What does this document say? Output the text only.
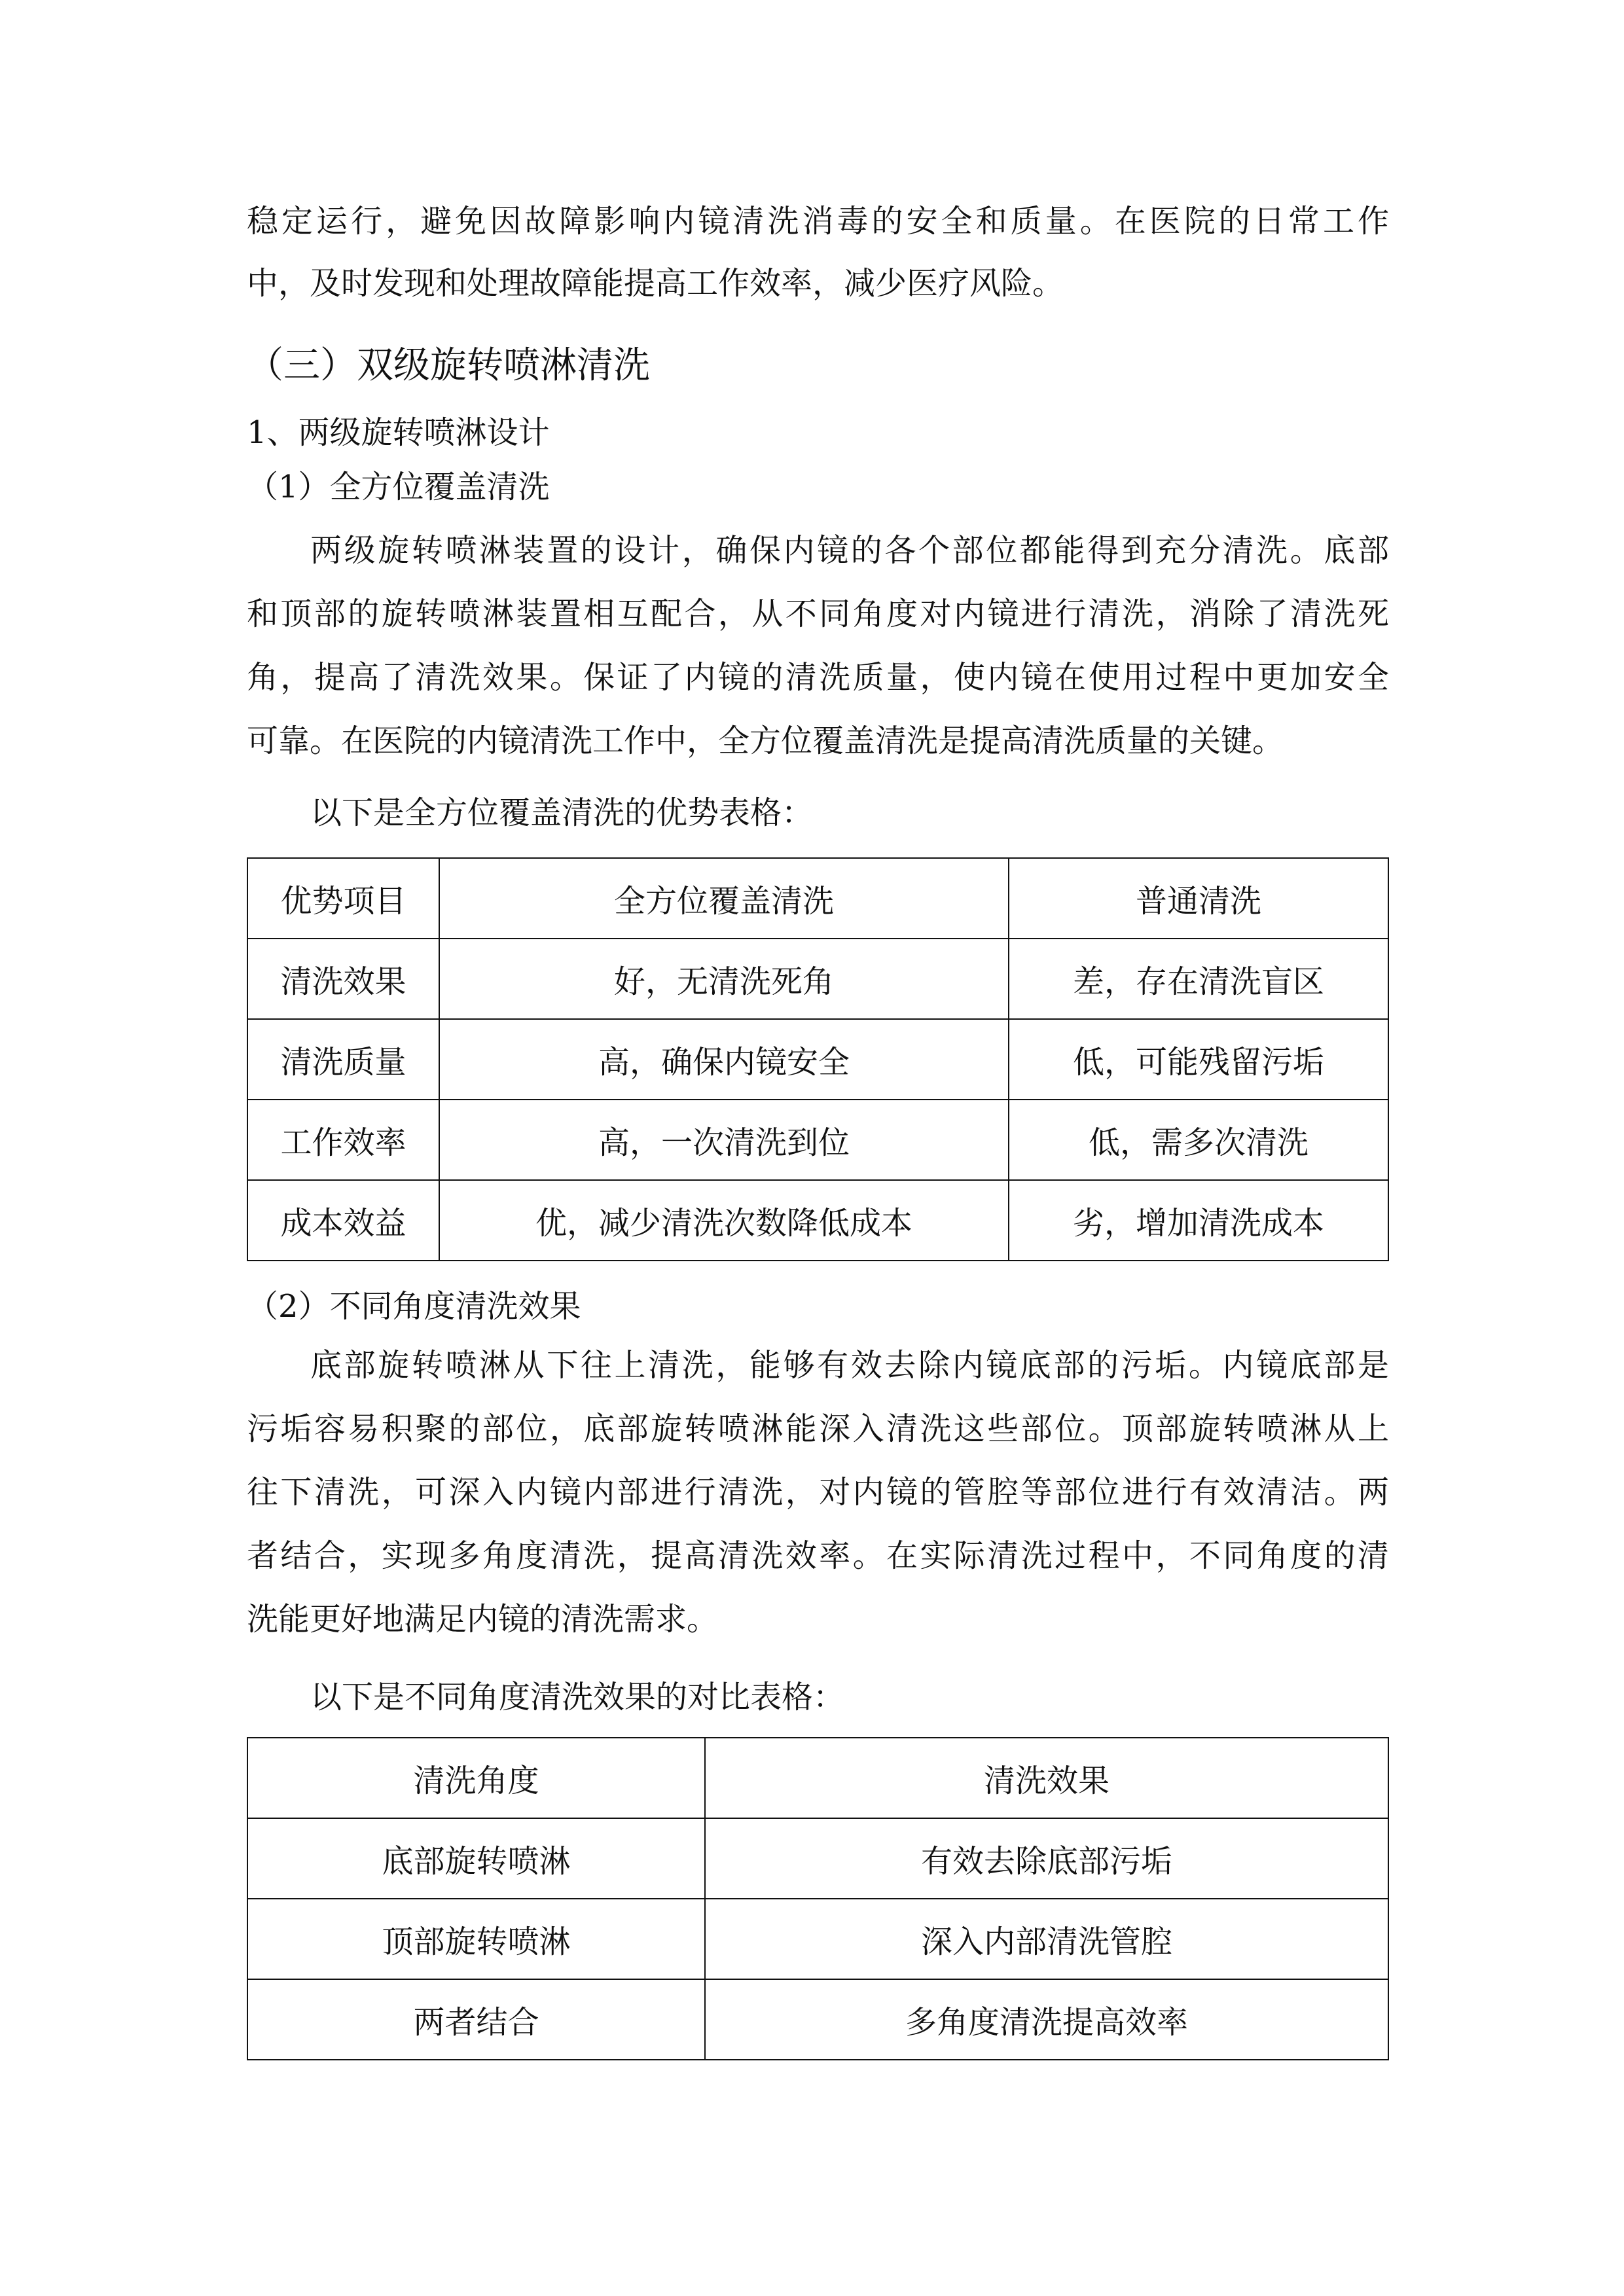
稳定运行，避免因故障影响内镜清洗消毒的安全和质量。在医院的日常工作
中，及时发现和处理故障能提高工作效率，减少医疗风险。
（三）双级旋转喷淋清洗
1、两级旋转喷淋设计
（1）全方位覆盖清洗
两级旋转喷淋装置的设计，确保内镜的各个部位都能得到充分清洗。底部
和顶部的旋转喷淋装置相互配合，从不同角度对内镜进行清洗，消除了清洗死
角，提高了清洗效果。保证了内镜的清洗质量，使内镜在使用过程中更加安全
可靠。在医院的内镜清洗工作中，全方位覆盖清洗是提高清洗质量的关键。
以下是全方位覆盖清洗的优势表格：
优势项目	全方位覆盖清洗	普通清洗
清洗效果	好，无清洗死角	差，存在清洗盲区
清洗质量	高，确保内镜安全	低，可能残留污垢
工作效率	高，一次清洗到位	低，需多次清洗
成本效益	优，减少清洗次数降低成本	劣，增加清洗成本
（2）不同角度清洗效果
底部旋转喷淋从下往上清洗，能够有效去除内镜底部的污垢。内镜底部是
污垢容易积聚的部位，底部旋转喷淋能深入清洗这些部位。顶部旋转喷淋从上
往下清洗，可深入内镜内部进行清洗，对内镜的管腔等部位进行有效清洁。两
者结合，实现多角度清洗，提高清洗效率。在实际清洗过程中，不同角度的清
洗能更好地满足内镜的清洗需求。
以下是不同角度清洗效果的对比表格：
清洗角度	清洗效果
底部旋转喷淋	有效去除底部污垢
顶部旋转喷淋	深入内部清洗管腔
两者结合	多角度清洗提高效率
